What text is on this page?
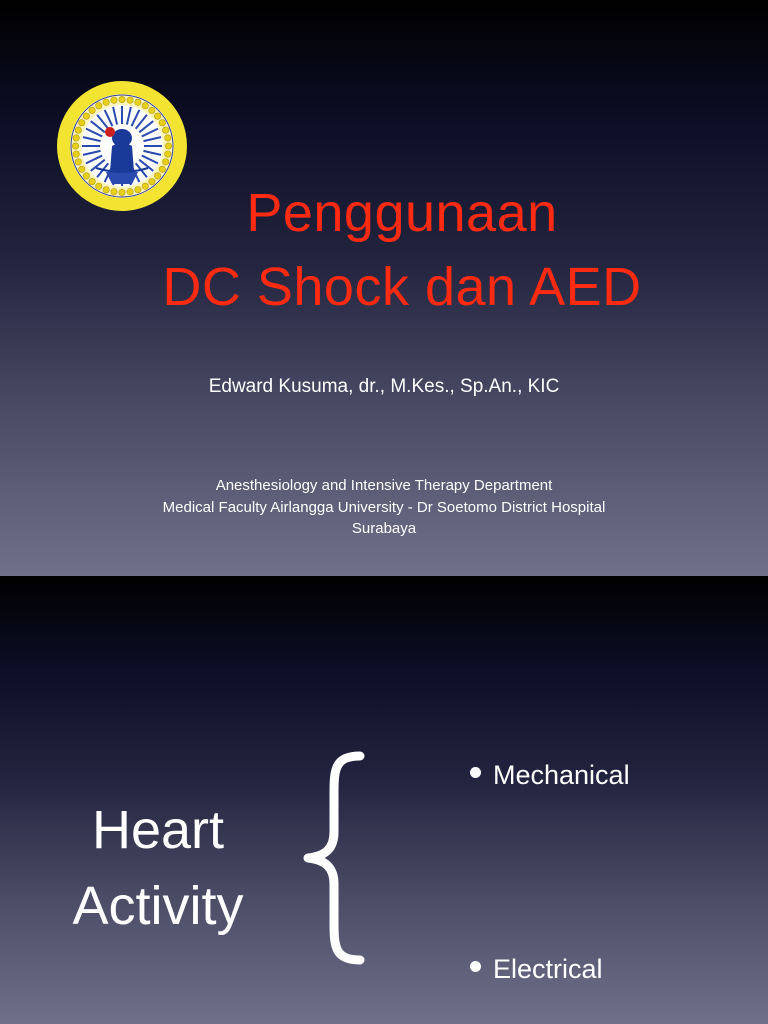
Penggunaan
DC Shock dan AED
Edward Kusuma, dr., M.Kes., Sp.An., KIC
Anesthesiology and Intensive Therapy Department
Medical Faculty Airlangga University - Dr Soetomo District Hospital
Surabaya
Heart
Activity
Mechanical
Electrical
